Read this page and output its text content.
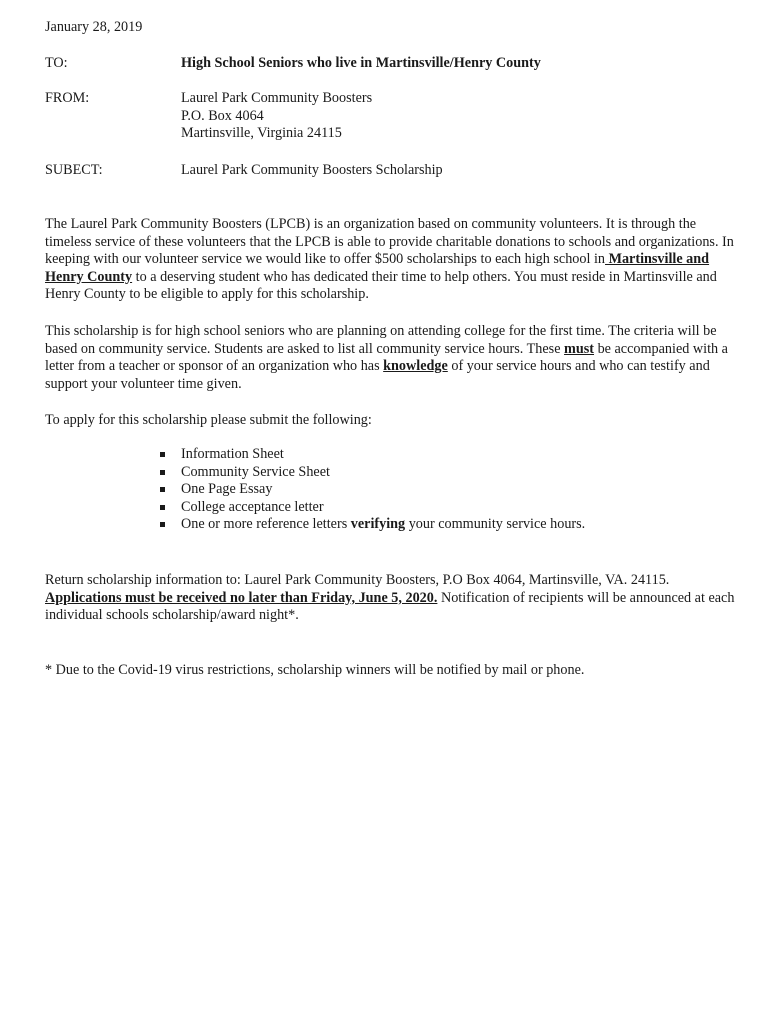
January 28, 2019
TO:	High School Seniors who live in Martinsville/Henry County
FROM:	Laurel Park Community Boosters
P.O. Box 4064
Martinsville, Virginia 24115
SUBECT:	Laurel Park Community Boosters Scholarship

The Laurel Park Community Boosters (LPCB) is an organization based on community volunteers. It is through the timeless service of these volunteers that the LPCB is able to provide charitable donations to schools and organizations. In keeping with our volunteer service we would like to offer $500 scholarships to each high school in Martinsville and Henry County to a deserving student who has dedicated their time to help others. You must reside in Martinsville and Henry County to be eligible to apply for this scholarship.

This scholarship is for high school seniors who are planning on attending college for the first time. The criteria will be based on community service. Students are asked to list all community service hours. These must be accompanied with a letter from a teacher or sponsor of an organization who has knowledge of your service hours and who can testify and support your volunteer time given.

To apply for this scholarship please submit the following:

Information Sheet
Community Service Sheet
One Page Essay
College acceptance letter
One or more reference letters verifying your community service hours.

Return scholarship information to: Laurel Park Community Boosters, P.O Box 4064, Martinsville, VA. 24115. Applications must be received no later than Friday, June 5, 2020. Notification of recipients will be announced at each individual schools scholarship/award night*.

* Due to the Covid-19 virus restrictions, scholarship winners will be notified by mail or phone.
